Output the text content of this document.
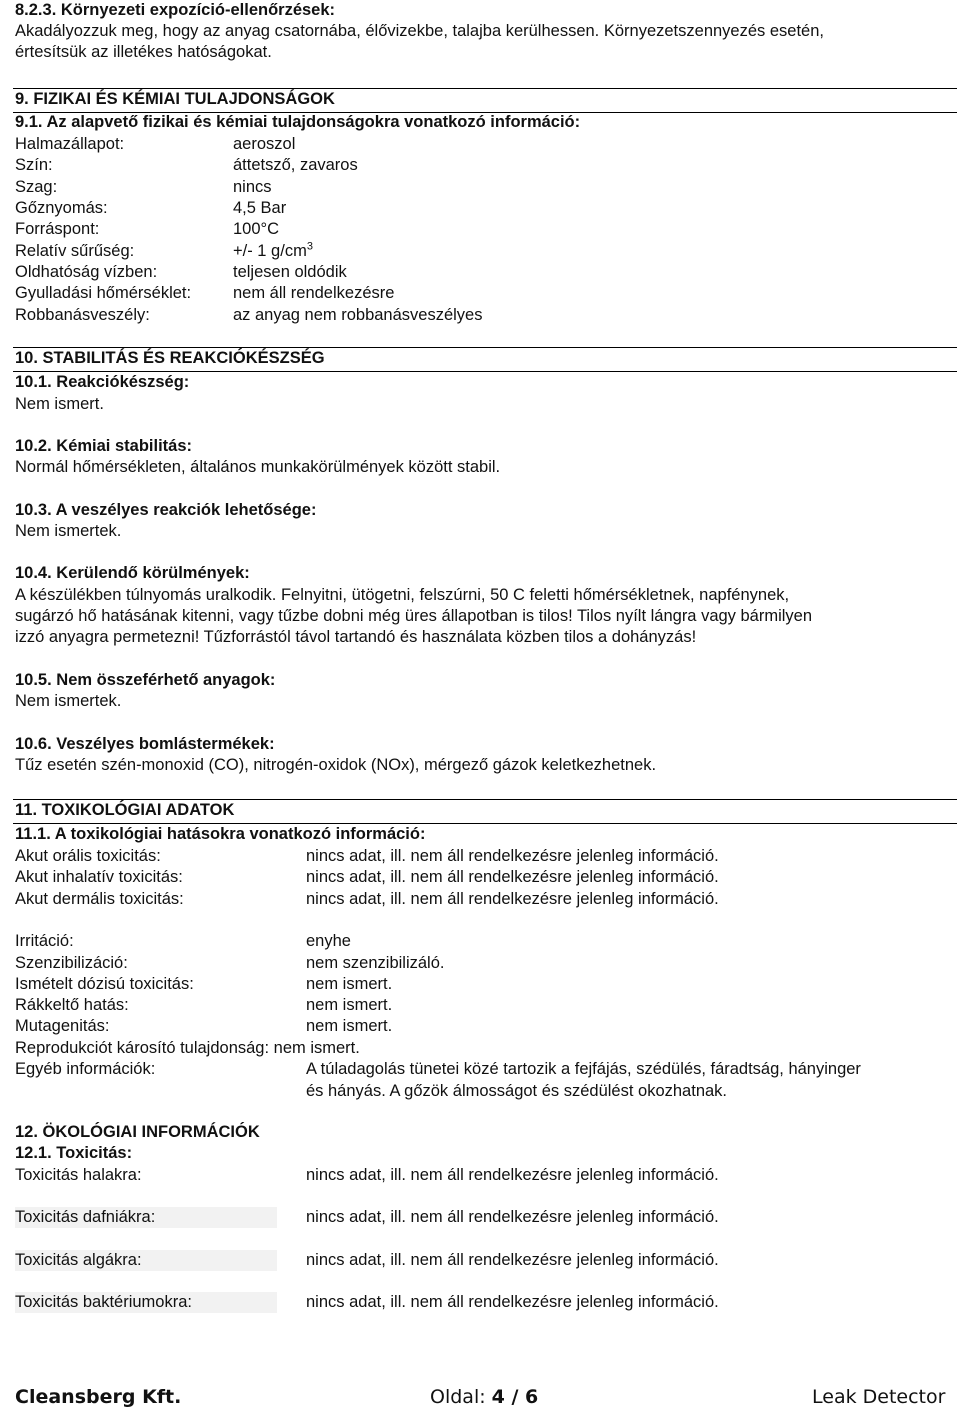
8.2.3. Környezeti expozíció-ellenőrzések:
Akadályozzuk meg, hogy az anyag csatornába, élővizekbe, talajba kerülhessen. Környezetszennyezés esetén,
értesítsük az illetékes hatóságokat.
9. FIZIKAI ÉS KÉMIAI TULAJDONSÁGOK
9.1. Az alapvető fizikai és kémiai tulajdonságokra vonatkozó információ:
Halmazállapot:	aeroszol
Szín:	áttetsző, zavaros
Szag:	nincs
Gőznyomás:	4,5 Bar
Forráspont:	100°C
Relatív sűrűség:	+/- 1 $g/cm^3$
Oldhatóság vízben:	teljesen oldódik
Gyulladási hőmérséklet:	nem áll rendelkezésre
Robbanásveszély:	az anyag nem robbanásveszélyes
10. STABILITÁS ÉS REAKCIÓKÉSZSÉG
10.1. Reakciókészség:
Nem ismert.
10.2. Kémiai stabilitás:
Normál hőmérsékleten, általános munkakörülmények között stabil.
10.3. A veszélyes reakciók lehetősége:
Nem ismertek.
10.4. Kerülendő körülmények:
A készülékben túlnyomás uralkodik. Felnyitni, ütögetni, felszúrni, 50 C feletti hőmérsékletnek, napfénynek,
sugárzó hő hatásának kitenni, vagy tűzbe dobni még üres állapotban is tilos! Tilos nyílt lángra vagy bármilyen
izzó anyagra permetezni! Tűzforrástól távol tartandó és használata közben tilos a dohányzás!
10.5. Nem összeférhető anyagok:
Nem ismertek.
10.6. Veszélyes bomlástermékek:
Tűz esetén szén-monoxid (CO), nitrogén-oxidok (NOx), mérgező gázok keletkezhetnek.
11. TOXIKOLÓGIAI ADATOK
11.1. A toxikológiai hatásokra vonatkozó információ:
Akut orális toxicitás:	nincs adat, ill. nem áll rendelkezésre jelenleg információ.
Akut inhalatív toxicitás:	nincs adat, ill. nem áll rendelkezésre jelenleg információ.
Akut dermális toxicitás:	nincs adat, ill. nem áll rendelkezésre jelenleg információ.
Irritáció:	enyhe
Szenzibilizáció:	nem szenzibilizáló.
Ismételt dózisú toxicitás:	nem ismert.
Rákkeltő hatás:	nem ismert.
Mutagenitás:	nem ismert.
Reprodukciót károsító tulajdonság: nem ismert.
Egyéb információk:	A túladagolás tünetei közé tartozik a fejfájás, szédülés, fáradtság, hányinger
és hányás. A gőzök álmosságot és szédülést okozhatnak.
12. ÖKOLÓGIAI INFORMÁCIÓK
12.1. Toxicitás:
Toxicitás halakra:	nincs adat, ill. nem áll rendelkezésre jelenleg információ.
Toxicitás dafniákra:	nincs adat, ill. nem áll rendelkezésre jelenleg információ.
Toxicitás algákra:	nincs adat, ill. nem áll rendelkezésre jelenleg információ.
Toxicitás baktériumokra:	nincs adat, ill. nem áll rendelkezésre jelenleg információ.
Cleansberg Kft.	Oldal: 4 / 6	Leak Detector
